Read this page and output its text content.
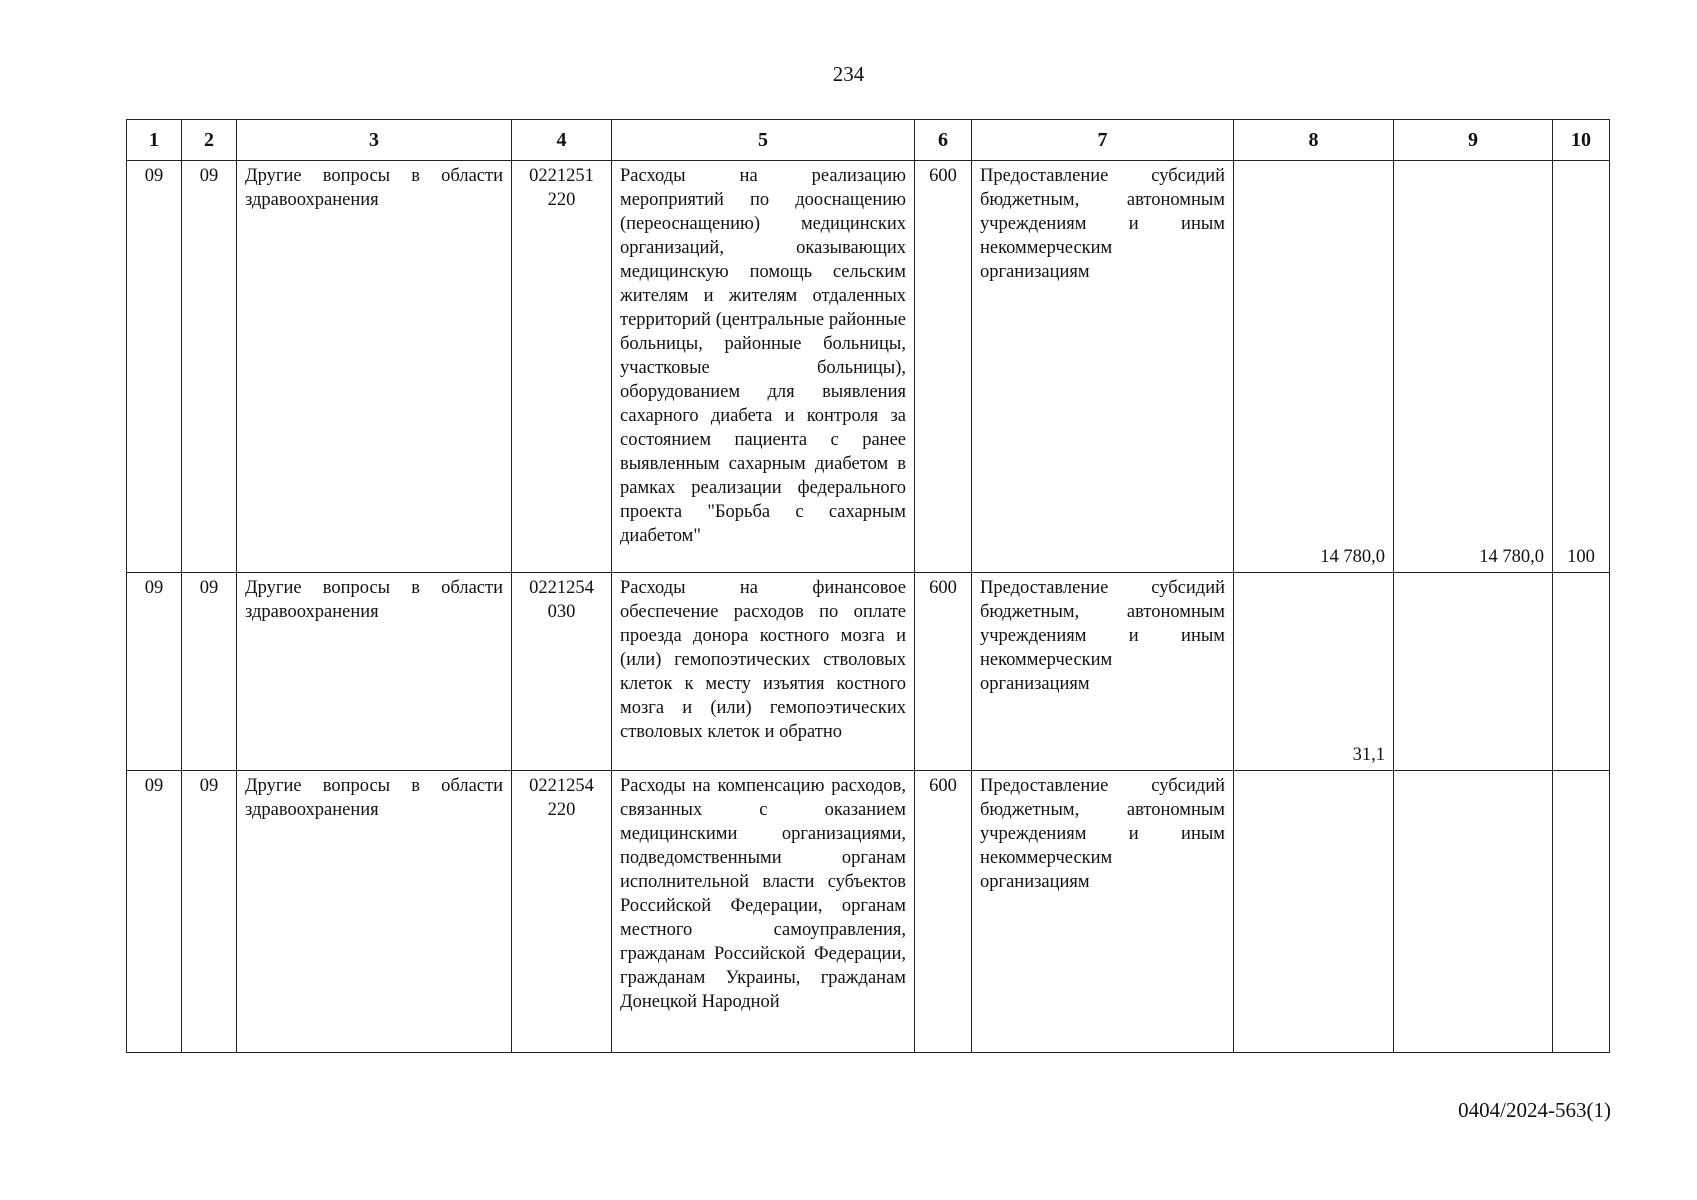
234
1	2	3	4	5	6	7	8	9	10
09	09	Другие вопросы в области здравоохранения	0221251 220	Расходы на реализацию мероприятий по дооснащению (переоснащению) медицинских организаций, оказывающих медицинскую помощь сельским жителям и жителям отдаленных территорий (центральные районные больницы, районные больницы, участковые больницы), оборудованием для выявления сахарного диабета и контроля за состоянием пациента с ранее выявленным сахарным диабетом в рамках реализации федерального проекта "Борьба с сахарным диабетом"	600	Предоставление субсидий бюджетным, автономным учреждениям и иным некоммерческим организациям	14 780,0	14 780,0	100
09	09	Другие вопросы в области здравоохранения	0221254 030	Расходы на финансовое обеспечение расходов по оплате проезда донора костного мозга и (или) гемопоэтических стволовых клеток к месту изъятия костного мозга и (или) гемопоэтических стволовых клеток и обратно	600	Предоставление субсидий бюджетным, автономным учреждениям и иным некоммерческим организациям	31,1		
09	09	Другие вопросы в области здравоохранения	0221254 220	Расходы на компенсацию расходов, связанных с оказанием медицинскими организациями, подведомственными органам исполнительной власти субъектов Российской Федерации, органам местного самоуправления, гражданам Российской Федерации, гражданам Украины, гражданам Донецкой Народной	600	Предоставление субсидий бюджетным, автономным учреждениям и иным некоммерческим организациям			
0404/2024-563(1)
